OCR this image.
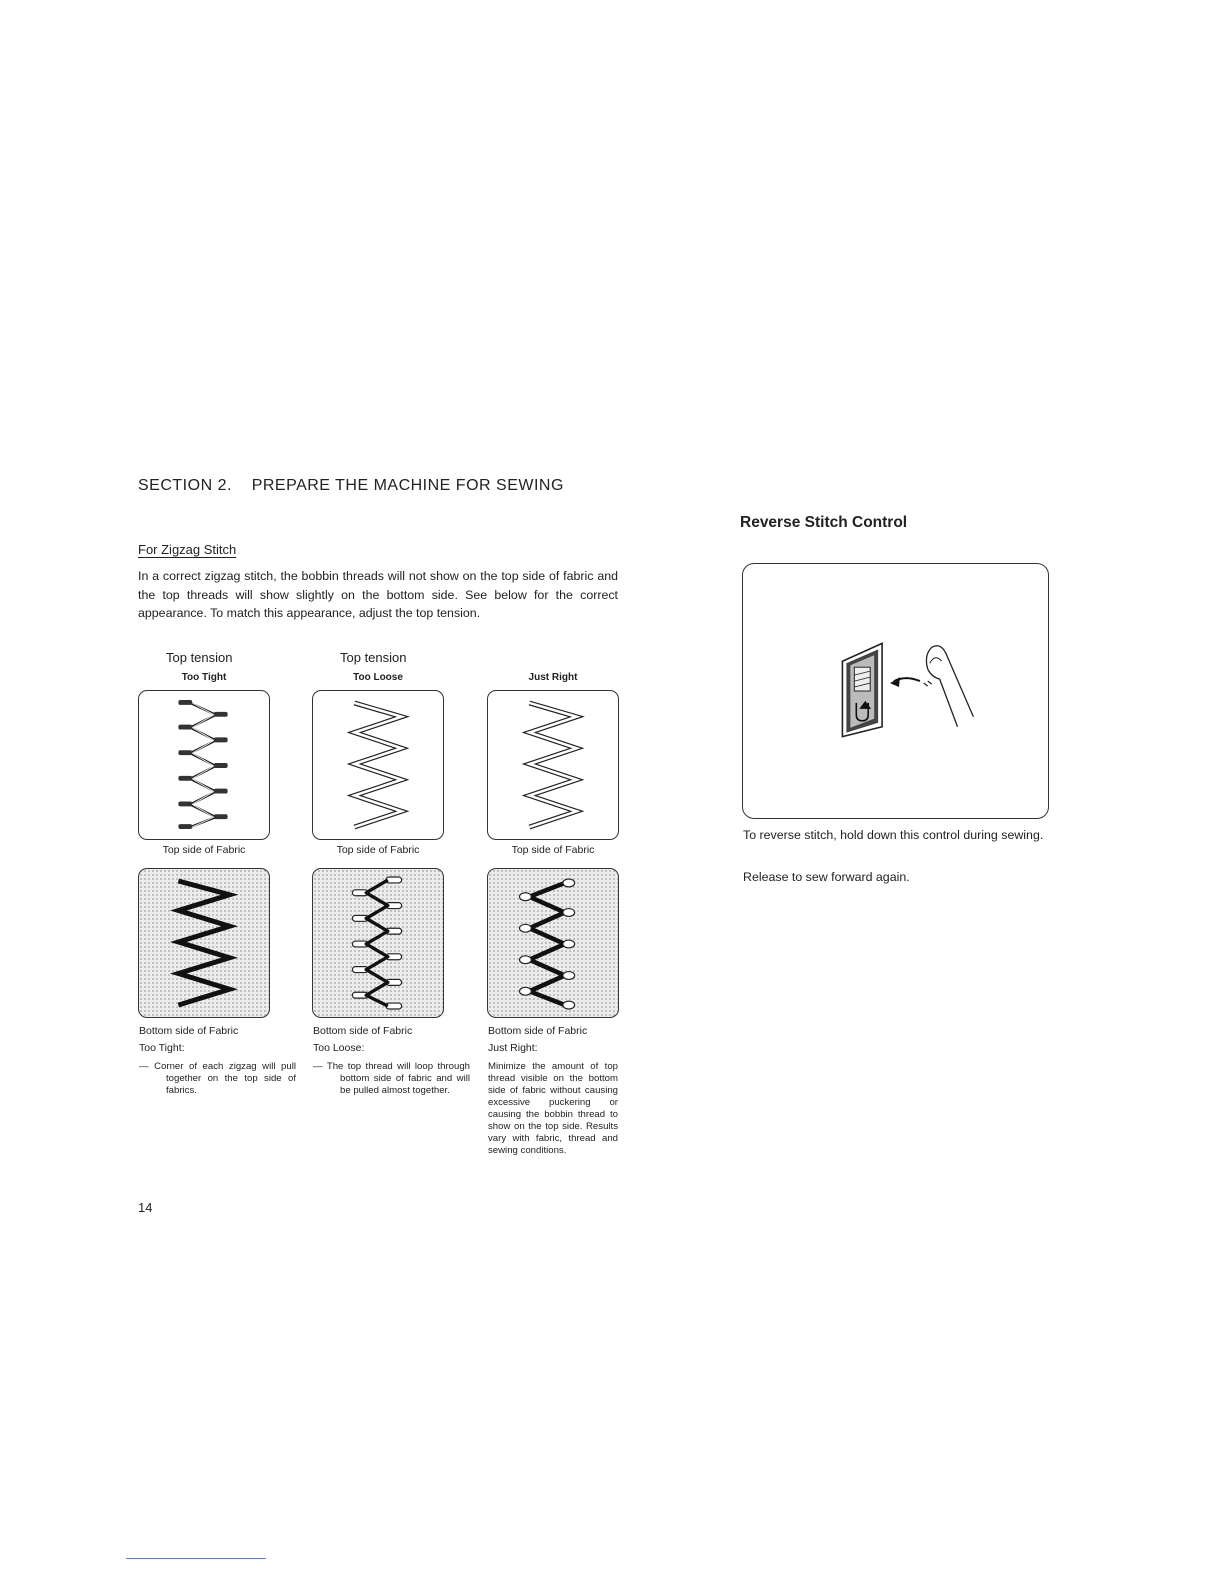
SECTION 2.    PREPARE THE MACHINE FOR SEWING
For Zigzag Stitch
In a correct zigzag stitch, the bobbin threads will not show on the top side of fabric and the top threads will show slightly on the bottom side. See below for the correct appearance. To match this appearance, adjust the top tension.
Top tension
Too Tight
Top side of Fabric
Bottom side of Fabric
Too Tight:
— Corner of each zigzag will pull together on the top side of fabrics.
Top tension
Too Loose
Top side of Fabric
Bottom side of Fabric
Too Loose:
— The top thread will loop through bottom side of fabric and will be pulled almost together.
Just Right
Top side of Fabric
Bottom side of Fabric
Just Right:
Minimize the amount of top thread visible on the bottom side of fabric without causing excessive puckering or causing the bobbin thread to show on the top side. Results vary with fabric, thread and sewing conditions.
14
Reverse Stitch Control
To reverse stitch, hold down this control during sewing.
Release to sew forward again.
